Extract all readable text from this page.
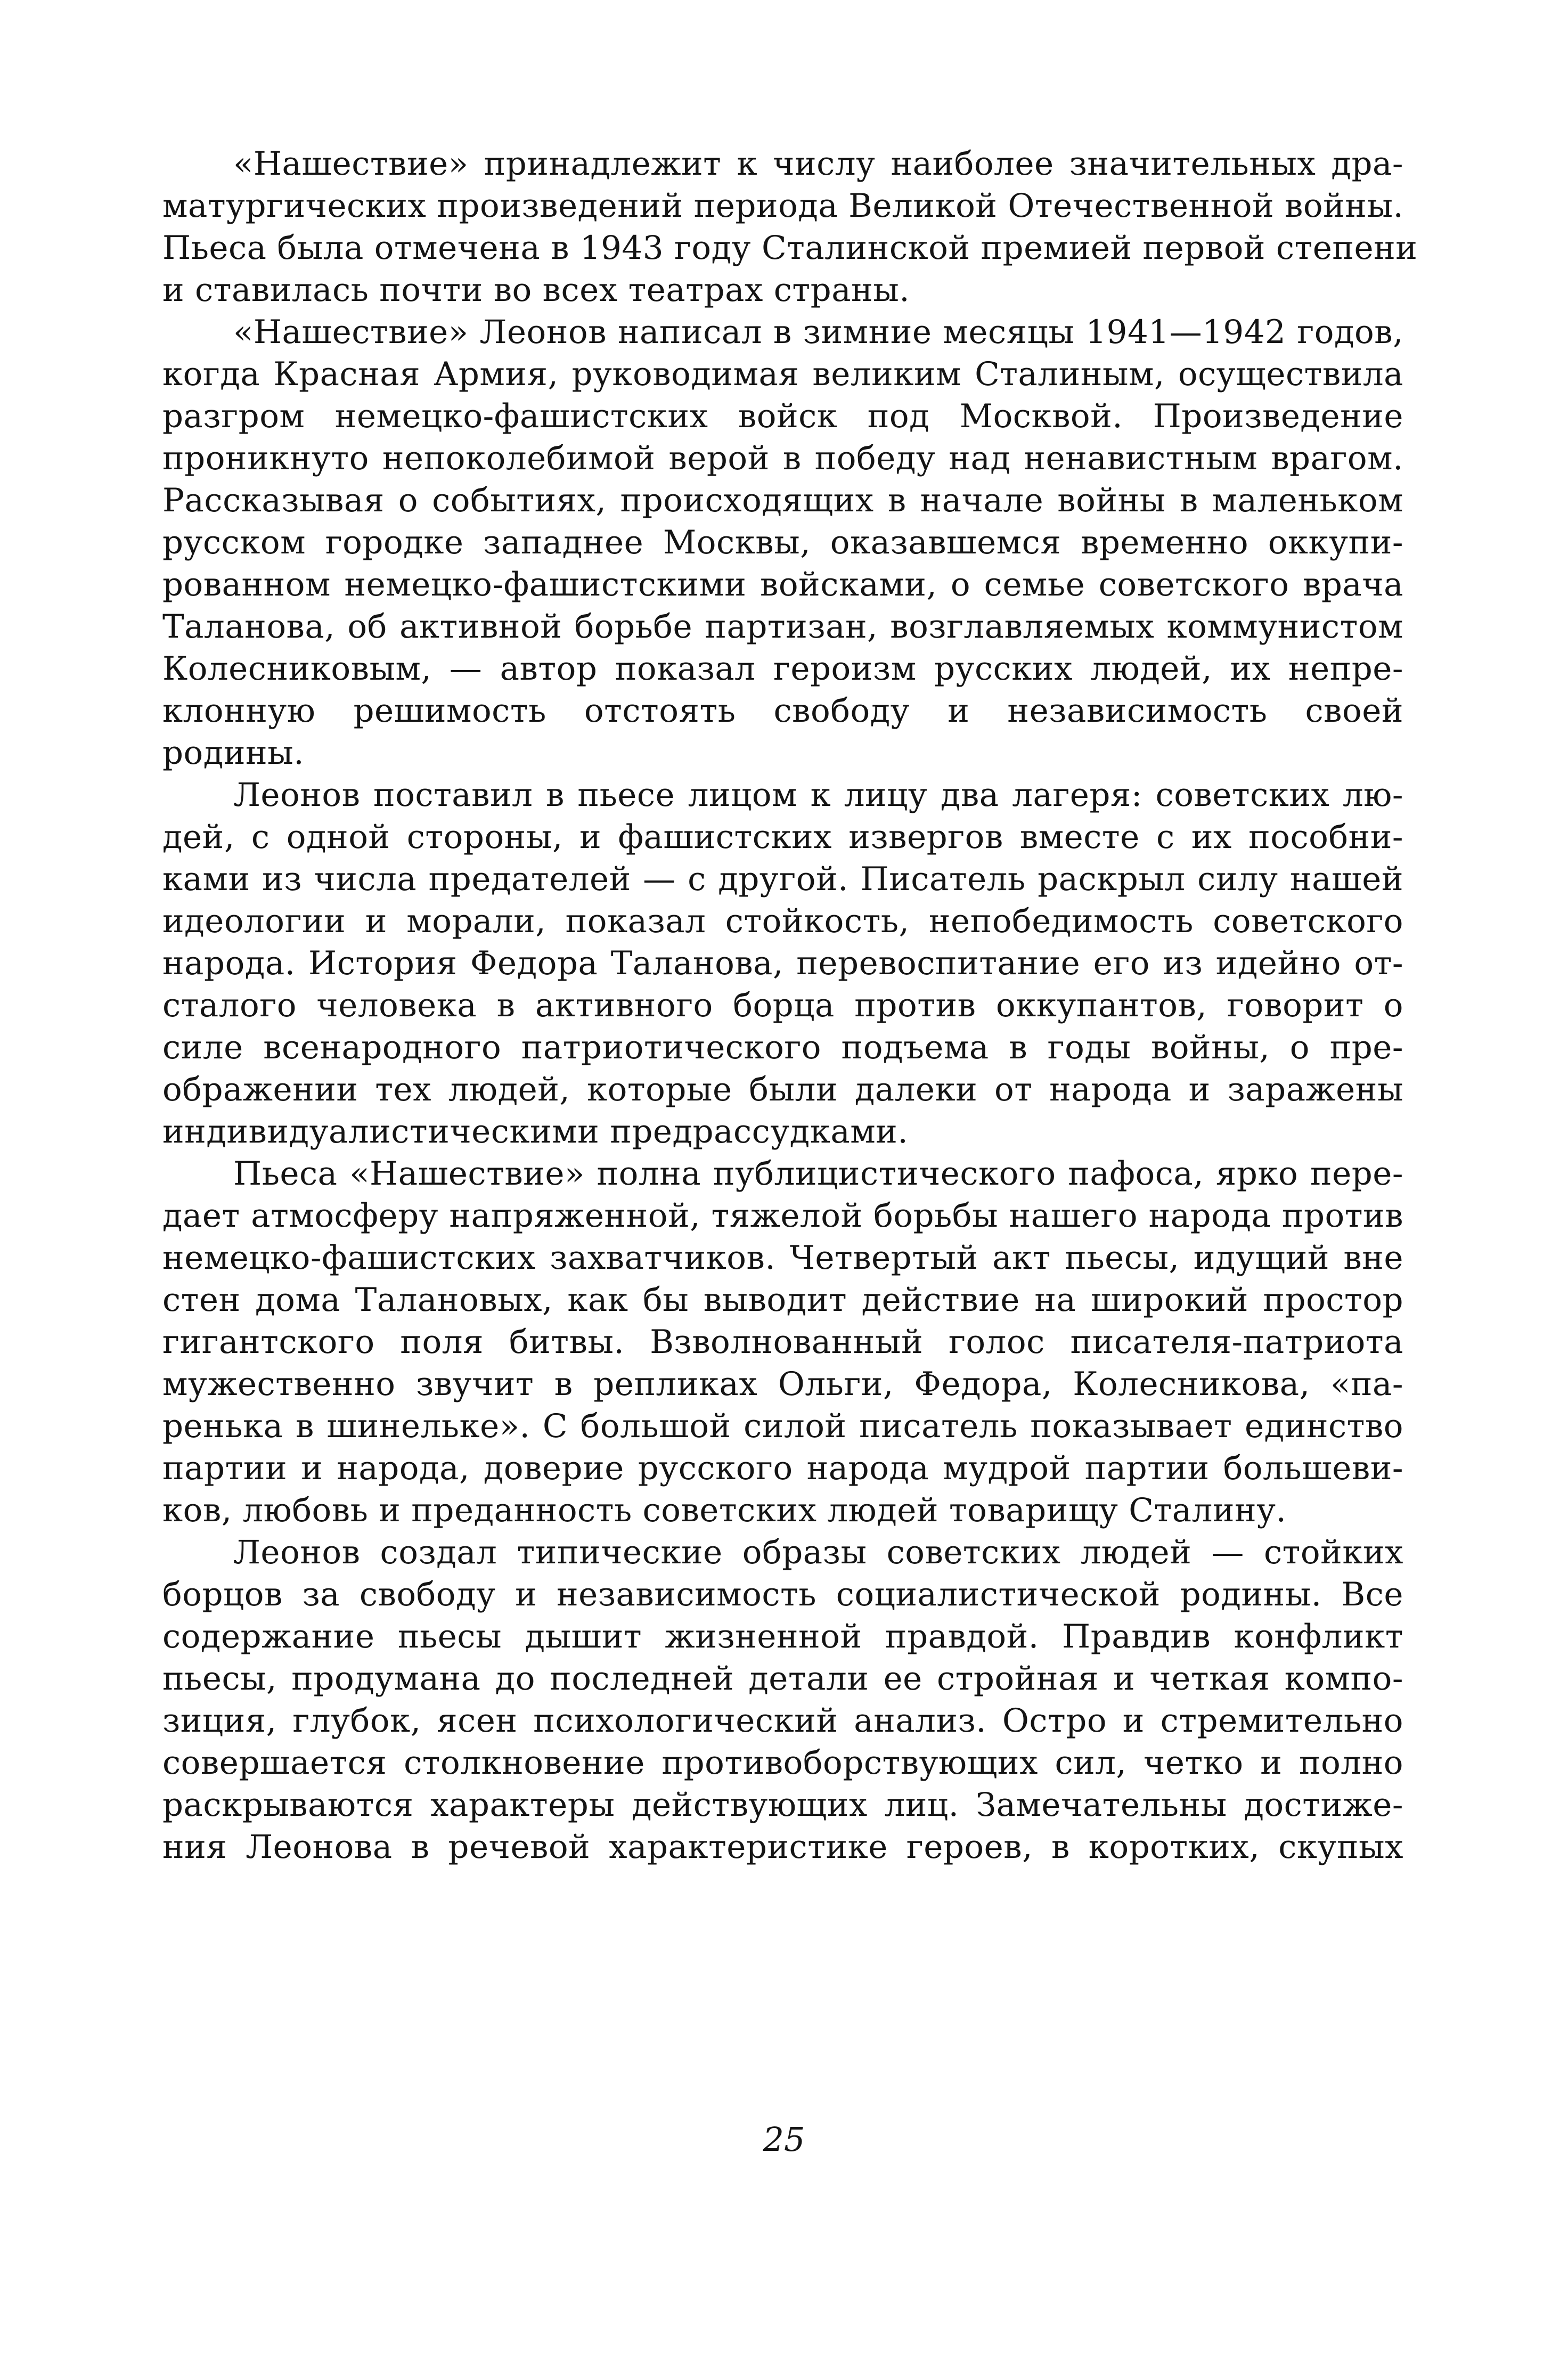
«Нашествие» принадлежит к числу наиболее значительных дра-
матургических произведений периода Великой Отечественной войны.
Пьеса была отмечена в 1943 году Сталинской премией первой степени
и ставилась почти во всех театрах страны.
«Нашествие» Леонов написал в зимние месяцы 1941—1942 годов,
когда Красная Армия, руководимая великим Сталиным, осуществила
разгром немецко-фашистских войск под Москвой. Произведение
проникнуто непоколебимой верой в победу над ненавистным врагом.
Рассказывая о событиях, происходящих в начале войны в маленьком
русском городке западнее Москвы, оказавшемся временно оккупи-
рованном немецко-фашистскими войсками, о семье советского врача
Таланова, об активной борьбе партизан, возглавляемых коммунистом
Колесниковым, — автор показал героизм русских людей, их непре-
клонную решимость отстоять свободу и независимость своей
родины.
Леонов поставил в пьесе лицом к лицу два лагеря: советских лю-
дей, с одной стороны, и фашистских извергов вместе с их пособни-
ками из числа предателей — с другой. Писатель раскрыл силу нашей
идеологии и морали, показал стойкость, непобедимость советского
народа. История Федора Таланова, перевоспитание его из идейно от-
сталого человека в активного борца против оккупантов, говорит о
силе всенародного патриотического подъема в годы войны, о пре-
ображении тех людей, которые были далеки от народа и заражены
индивидуалистическими предрассудками.
Пьеса «Нашествие» полна публицистического пафоса, ярко пере-
дает атмосферу напряженной, тяжелой борьбы нашего народа против
немецко-фашистских захватчиков. Четвертый акт пьесы, идущий вне
стен дома Талановых, как бы выводит действие на широкий простор
гигантского поля битвы. Взволнованный голос писателя-патриота
мужественно звучит в репликах Ольги, Федора, Колесникова, «па-
ренька в шинельке». С большой силой писатель показывает единство
партии и народа, доверие русского народа мудрой партии большеви-
ков, любовь и преданность советских людей товарищу Сталину.
Леонов создал типические образы советских людей — стойких
борцов за свободу и независимость социалистической родины. Все
содержание пьесы дышит жизненной правдой. Правдив конфликт
пьесы, продумана до последней детали ее стройная и четкая компо-
зиция, глубок, ясен психологический анализ. Остро и стремительно
совершается столкновение противоборствующих сил, четко и полно
раскрываются характеры действующих лиц. Замечательны достиже-
ния Леонова в речевой характеристике героев, в коротких, скупых
25
